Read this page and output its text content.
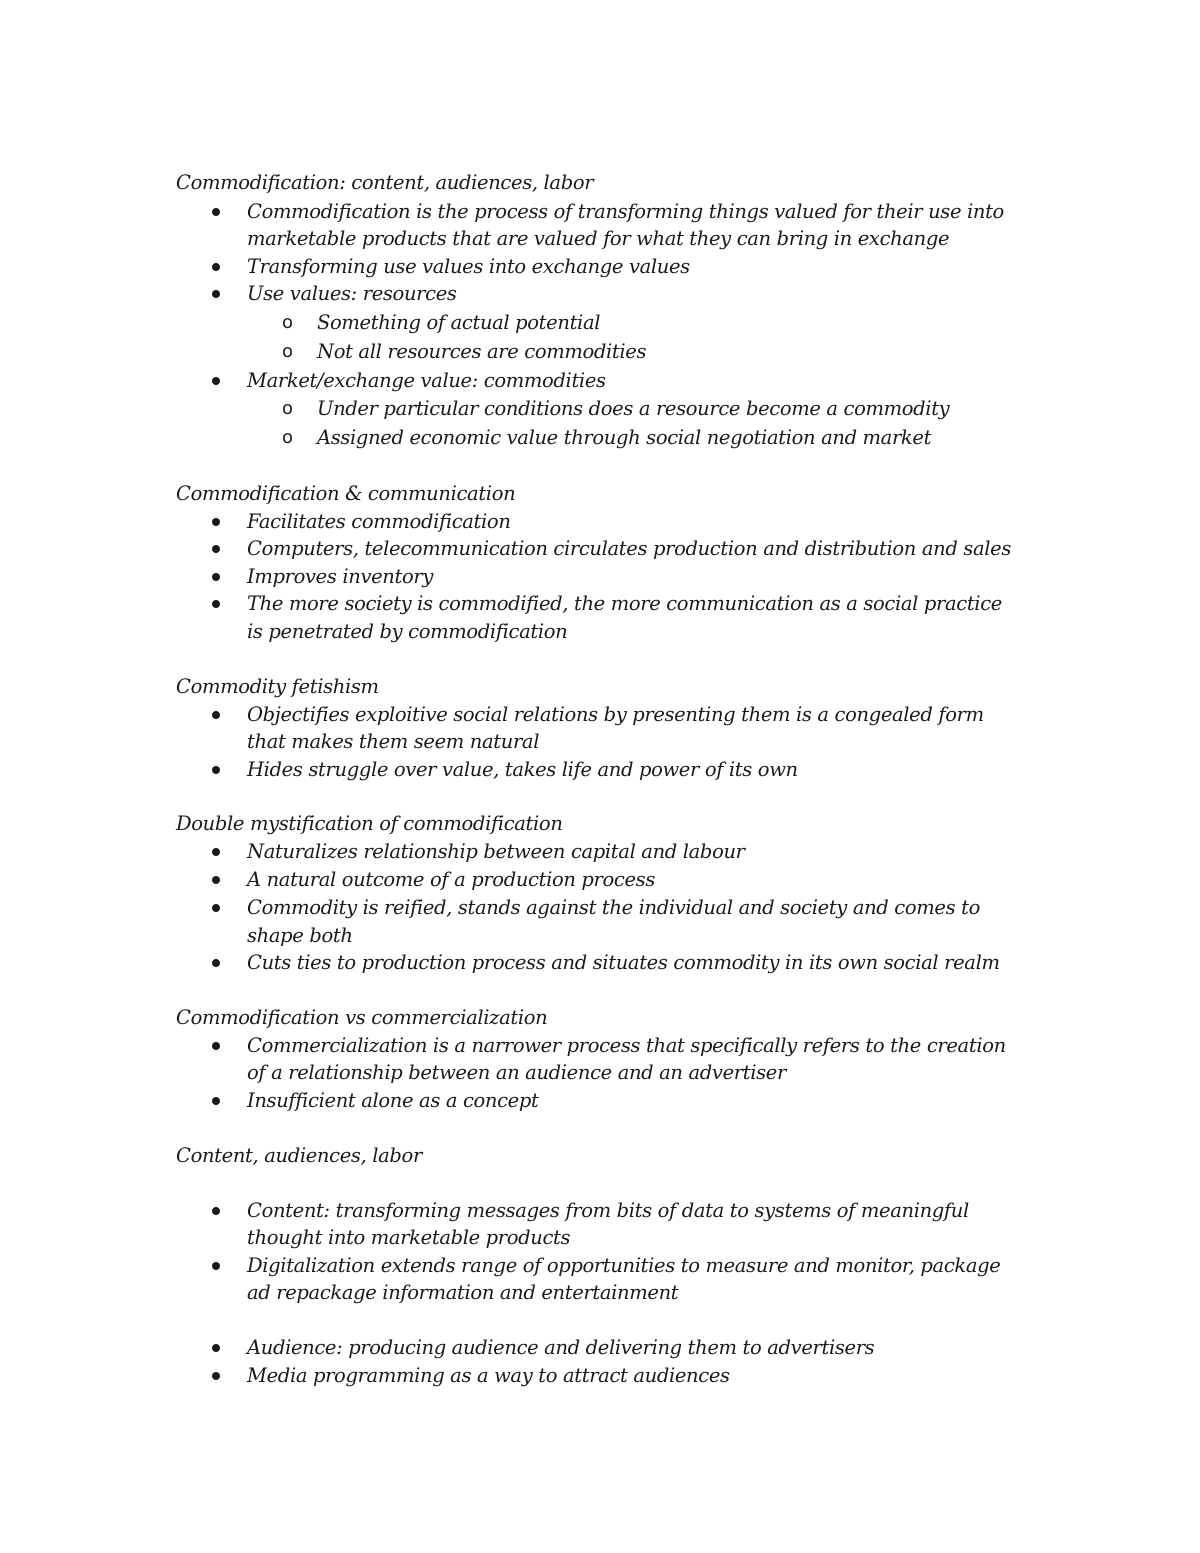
Commodification: content, audiences, labor
Commodification is the process of transforming things valued for their use into
marketable products that are valued for what they can bring in exchange
Transforming use values into exchange values
Use values: resources
o Something of actual potential
o Not all resources are commodities
Market/exchange value: commodities
o Under particular conditions does a resource become a commodity
o Assigned economic value through social negotiation and market
Commodification & communication
Facilitates commodification
Computers, telecommunication circulates production and distribution and sales
Improves inventory
The more society is commodified, the more communication as a social practice
is penetrated by commodification
Commodity fetishism
Objectifies exploitive social relations by presenting them is a congealed form
that makes them seem natural
Hides struggle over value, takes life and power of its own
Double mystification of commodification
Naturalizes relationship between capital and labour
A natural outcome of a production process
Commodity is reified, stands against the individual and society and comes to
shape both
Cuts ties to production process and situates commodity in its own social realm
Commodification vs commercialization
Commercialization is a narrower process that specifically refers to the creation
of a relationship between an audience and an advertiser
Insufficient alone as a concept
Content, audiences, labor
Content: transforming messages from bits of data to systems of meaningful
thought into marketable products
Digitalization extends range of opportunities to measure and monitor, package
ad repackage information and entertainment
Audience: producing audience and delivering them to advertisers
Media programming as a way to attract audiences
